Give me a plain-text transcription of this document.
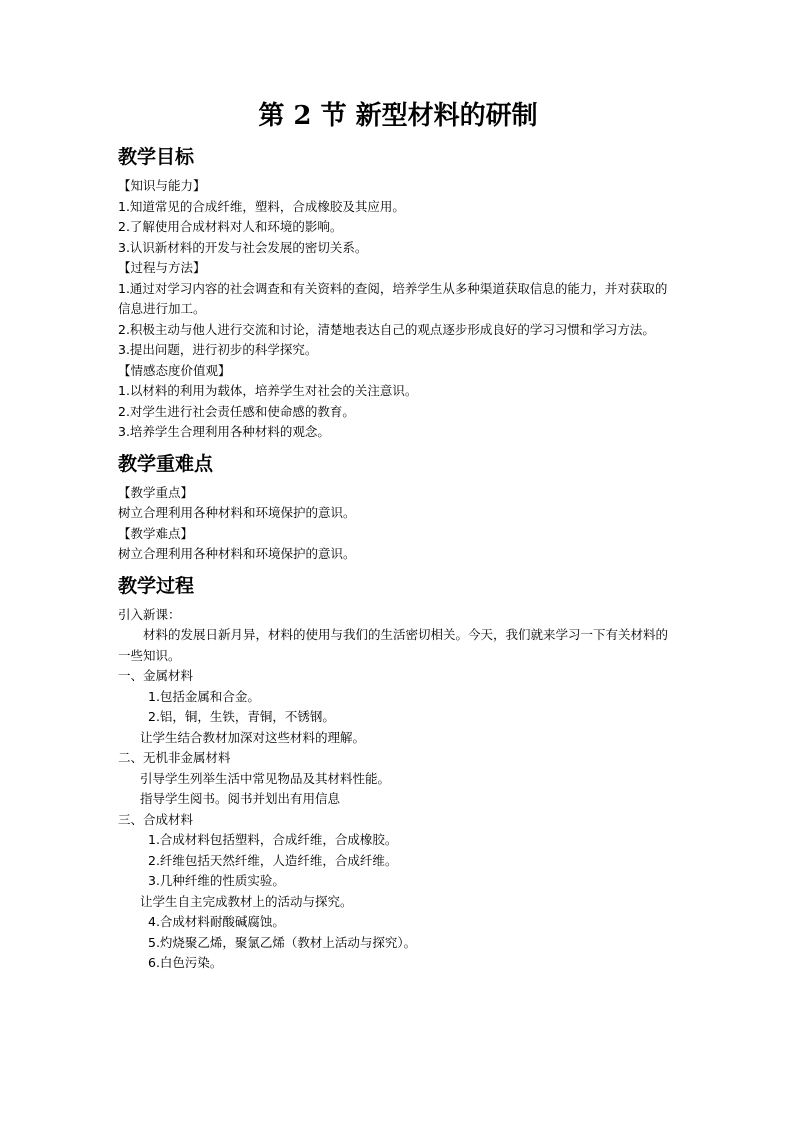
第 2 节 新型材料的研制
教学目标

【知识与能力】

1.知道常见的合成纤维，塑料，合成橡胶及其应用。

2.了解使用合成材料对人和环境的影响。

3.认识新材料的开发与社会发展的密切关系。

【过程与方法】

1.通过对学习内容的社会调查和有关资料的查阅，培养学生从多种渠道获取信息的能力，并对获取的信息进行加工。

2.积极主动与他人进行交流和讨论，清楚地表达自己的观点逐步形成良好的学习习惯和学习方法。

3.提出问题，进行初步的科学探究。

【情感态度价值观】

1.以材料的利用为载体，培养学生对社会的关注意识。

2.对学生进行社会责任感和使命感的教育。

3.培养学生合理利用各种材料的观念。

教学重难点

【教学重点】

树立合理利用各种材料和环境保护的意识。

【教学难点】

树立合理利用各种材料和环境保护的意识。

教学过程

引入新课：

材料的发展日新月异，材料的使用与我们的生活密切相关。今天，我们就来学习一下有关材料的一些知识。

一、金属材料

1.包括金属和合金。

2.铝，铜，生铁，青铜，不锈钢。

让学生结合教材加深对这些材料的理解。

二、无机非金属材料

引导学生列举生活中常见物品及其材料性能。

指导学生阅书。阅书并划出有用信息

三、合成材料

1.合成材料包括塑料，合成纤维，合成橡胶。

2.纤维包括天然纤维，人造纤维，合成纤维。

3.几种纤维的性质实验。

让学生自主完成教材上的活动与探究。

4.合成材料耐酸碱腐蚀。

5.灼烧聚乙烯，聚氯乙烯（教材上活动与探究）。

6.白色污染。
